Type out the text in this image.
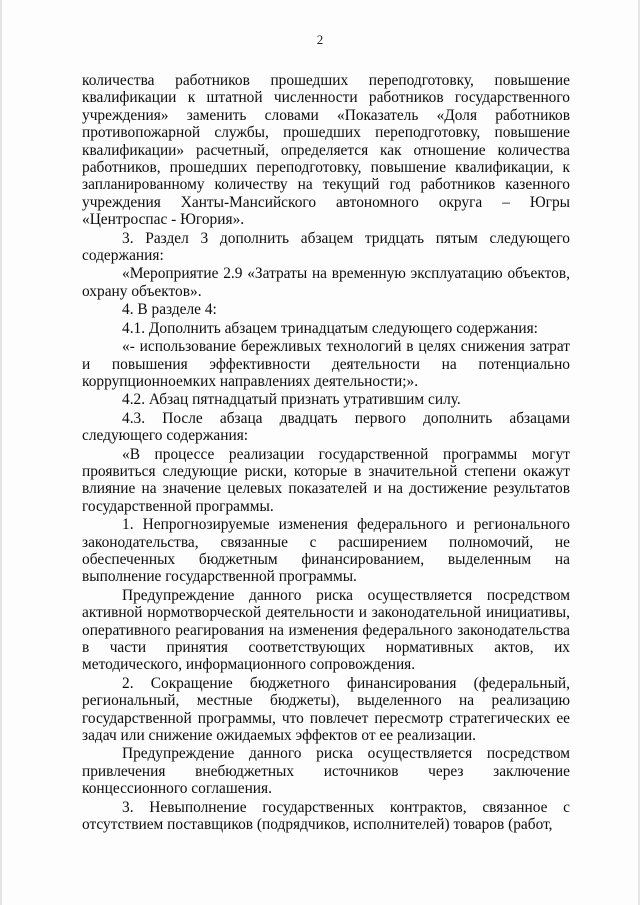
2

количества работников прошедших переподготовку, повышение квалификации к штатной численности работников государственного учреждения» заменить словами «Показатель «Доля работников противопожарной службы, прошедших переподготовку, повышение квалификации» расчетный, определяется как отношение количества работников, прошедших переподготовку, повышение квалификации, к запланированному количеству на текущий год работников казенного учреждения Ханты-Мансийского автономного округа – Югры «Центроспас - Югория».

3. Раздел 3 дополнить абзацем тридцать пятым следующего содержания:

«Мероприятие 2.9 «Затраты на временную эксплуатацию объектов, охрану объектов».

4. В разделе 4:

4.1. Дополнить абзацем тринадцатым следующего содержания:

«- использование бережливых технологий в целях снижения затрат и повышения эффективности деятельности на потенциально коррупционноемких направлениях деятельности;».

4.2. Абзац пятнадцатый признать утратившим силу.

4.3. После абзаца двадцать первого дополнить абзацами следующего содержания:

«В процессе реализации государственной программы могут проявиться следующие риски, которые в значительной степени окажут влияние на значение целевых показателей и на достижение результатов государственной программы.

1. Непрогнозируемые изменения федерального и регионального законодательства, связанные с расширением полномочий, не обеспеченных бюджетным финансированием, выделенным на выполнение государственной программы.

Предупреждение данного риска осуществляется посредством активной нормотворческой деятельности и законодательной инициативы, оперативного реагирования на изменения федерального законодательства в части принятия соответствующих нормативных актов, их методического, информационного сопровождения.

2. Сокращение бюджетного финансирования (федеральный, региональный, местные бюджеты), выделенного на реализацию государственной программы, что повлечет пересмотр стратегических ее задач или снижение ожидаемых эффектов от ее реализации.

Предупреждение данного риска осуществляется посредством привлечения внебюджетных источников через заключение концессионного соглашения.

3. Невыполнение государственных контрактов, связанное с отсутствием поставщиков (подрядчиков, исполнителей) товаров (работ,
